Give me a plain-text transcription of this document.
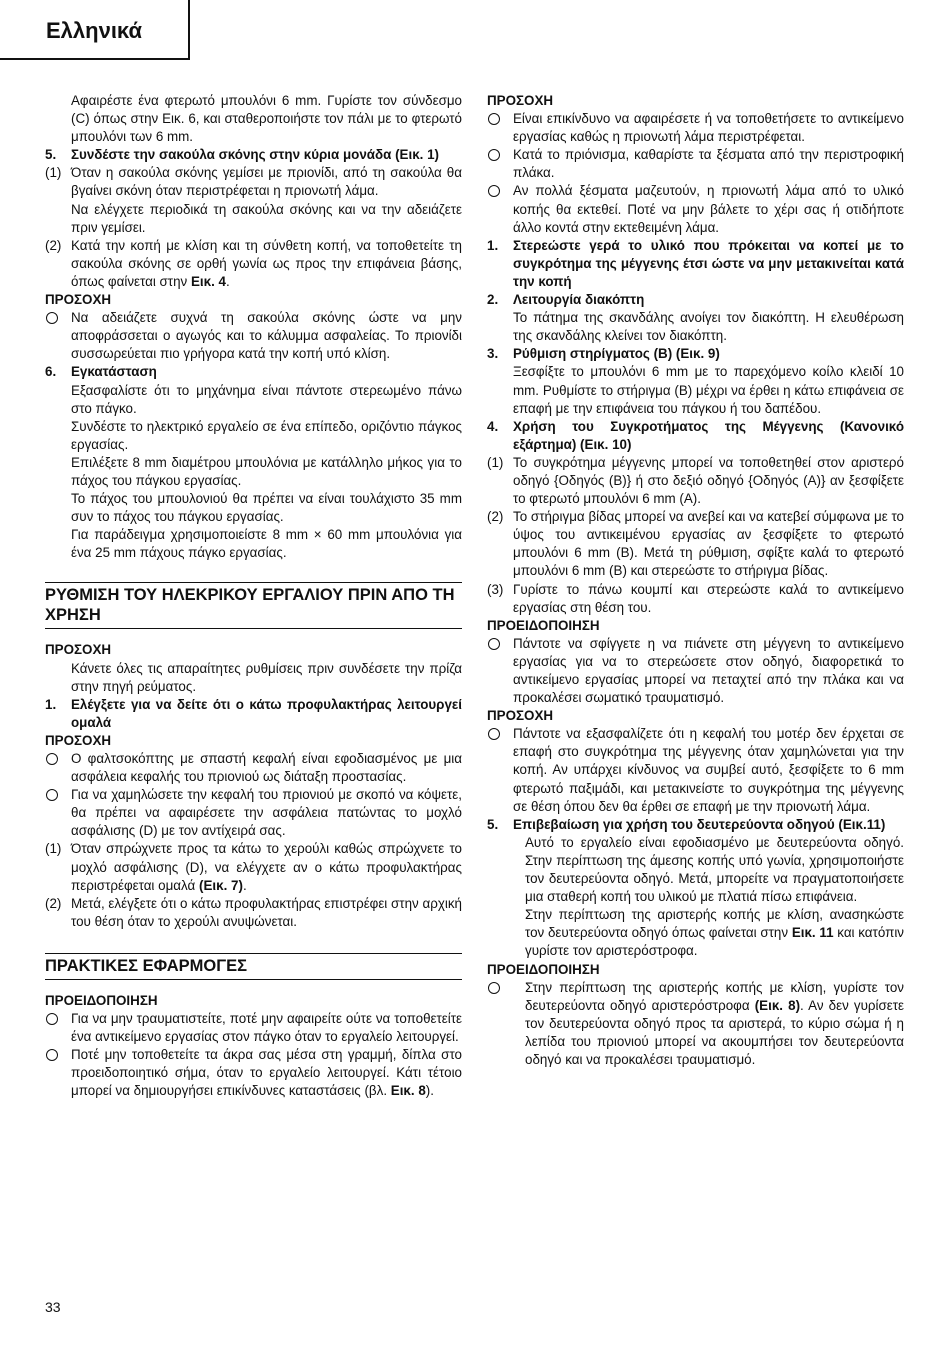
Ελληνικά

Αφαιρέστε ένα φτερωτό μπουλόνι 6 mm. Γυρίστε τον σύνδεσμο (C) όπως στην Εικ. 6, και σταθεροποιήστε τον πάλι με το φτερωτό μπουλόνι των 6 mm.

5. Συνδέστε την σακούλα σκόνης στην κύρια μονάδα (Εικ. 1)
(1) Όταν η σακούλα σκόνης γεμίσει με πριονίδι, από τη σακούλα θα βγαίνει σκόνη όταν περιστρέφεται η πριονωτή λάμα.
Να ελέγχετε περιοδικά τη σακούλα σκόνης και να την αδειάζετε πριν γεμίσει.
(2) Κατά την κοπή με κλίση και τη σύνθετη κοπή, να τοποθετείτε τη σακούλα σκόνης σε ορθή γωνία ως προς την επιφάνεια βάσης, όπως φαίνεται στην Εικ. 4.

ΠΡΟΣΟΧΗ

Να αδειάζετε συχνά τη σακούλα σκόνης ώστε να μην αποφράσσεται ο αγωγός και το κάλυμμα ασφαλείας. Το πριονίδι συσσωρεύεται πιο γρήγορα κατά την κοπή υπό κλίση.
6. Εγκατάσταση

Εξασφαλίστε ότι το μηχάνημα είναι πάντοτε στερεωμένο πάνω στο πάγκο.

Συνδέστε το ηλεκτρικό εργαλείο σε ένα επίπεδο, οριζόντιο πάγκος εργασίας.

Επιλέξετε 8 mm διαμέτρου μπουλόνια με κατάλληλο μήκος για το πάχος του πάγκου εργασίας.

Το πάχος του μπουλονιού θα πρέπει να είναι τουλάχιστο 35 mm συν το πάχος του πάγκου εργασίας.

Για παράδειγμα χρησιμοποιείστε 8 mm × 60 mm μπουλόνια για ένα 25 mm πάχους πάγκο εργασίας.

ΡΥΘΜΙΣΗ ΤΟΥ ΗΛΕΚΡΙΚΟΥ ΕΡΓΑΛΙΟΥ ΠΡΙΝ ΑΠΟ ΤΗ ΧΡΗΣΗ

ΠΡΟΣΟΧΗ

Κάνετε όλες τις απαραίτητες ρυθμίσεις πριν συνδέσετε την πρίζα στην πηγή ρεύματος.

1. Ελέγξετε για να δείτε ότι ο κάτω προφυλακτήρας λειτουργεί ομαλά

ΠΡΟΣΟΧΗ

Ο φαλτσοκόπτης με σπαστή κεφαλή είναι εφοδιασμένος με μια ασφάλεια κεφαλής του πριονιού ως διάταξη προστασίας.
Για να χαμηλώσετε την κεφαλή του πριονιού με σκοπό να κόψετε, θα πρέπει να αφαιρέσετε την ασφάλεια πατώντας το μοχλό ασφάλισης (D) με τον αντίχειρά σας.
(1) Όταν σπρώχνετε προς τα κάτω το χερούλι καθώς σπρώχνετε το μοχλό ασφάλισης (D), να ελέγχετε αν ο κάτω προφυλακτήρας περιστρέφεται ομαλά (Εικ. 7).
(2) Μετά, ελέγξετε ότι ο κάτω προφυλακτήρας επιστρέφει στην αρχική του θέση όταν το χερούλι ανυψώνεται.
ΠΡΑΚΤΙΚΕΣ ΕΦΑΡΜΟΓΕΣ

ΠΡΟΕΙΔΟΠΟΙΗΣΗ

Για να μην τραυματιστείτε, ποτέ μην αφαιρείτε ούτε να τοποθετείτε ένα αντικείμενο εργασίας στον πάγκο όταν το εργαλείο λειτουργεί.
Ποτέ μην τοποθετείτε τα άκρα σας μέσα στη γραμμή, δίπλα στο προειδοποιητικό σήμα, όταν το εργαλείο λειτουργεί. Κάτι τέτοιο μπορεί να δημιουργήσει επικίνδυνες καταστάσεις (βλ. Εικ. 8).

ΠΡΟΣΟΧΗ

Είναι επικίνδυνο να αφαιρέσετε ή να τοποθετήσετε το αντικείμενο εργασίας καθώς η πριονωτή λάμα περιστρέφεται.
Κατά το πριόνισμα, καθαρίστε τα ξέσματα από την περιστροφική πλάκα.
Αν πολλά ξέσματα μαζευτούν, η πριονωτή λάμα από το υλικό κοπής θα εκτεθεί. Ποτέ να μην βάλετε το χέρι σας ή οτιδήποτε άλλο κοντά στην εκτεθειμένη λάμα.
1. Στερεώστε γερά το υλικό που πρόκειται να κοπεί με το συγκρότημα της μέγγενης έτσι ώστε να μην μετακινείται κατά την κοπή
2. Λειτουργία διακόπτη

Το πάτημα της σκανδάλης ανοίγει τον διακόπτη. Η ελευθέρωση της σκανδάλης κλείνει τον διακόπτη.

3. Ρύθμιση στηρίγματος (B) (Εικ. 9)

Ξεσφίξτε το μπουλόνι 6 mm με το παρεχόμενο κοίλο κλειδί 10 mm. Ρυθμίστε το στήριγμα (B) μέχρι να έρθει η κάτω επιφάνεια σε επαφή με την επιφάνεια του πάγκου ή του δαπέδου.

4. Χρήση του Συγκροτήματος της Μέγγενης (Κανονικό εξάρτημα) (Εικ. 10)
(1) Το συγκρότημα μέγγενης μπορεί να τοποθετηθεί στον αριστερό οδηγό {Οδηγός (B)} ή στο δεξιό οδηγό {Οδηγός (A)} αν ξεσφίξετε το φτερωτό μπουλόνι 6 mm (A).
(2) Το στήριγμα βίδας μπορεί να ανεβεί και να κατεβεί σύμφωνα με το ύψος του αντικειμένου εργασίας αν ξεσφίξετε το φτερωτό μπουλόνι 6 mm (B). Μετά τη ρύθμιση, σφίξτε καλά το φτερωτό μπουλόνι 6 mm (B) και στερεώστε το στήριγμα βίδας.
(3) Γυρίστε το πάνω κουμπί και στερεώστε καλά το αντικείμενο εργασίας στη θέση του.

ΠΡΟΕΙΔΟΠΟΙΗΣΗ

Πάντοτε να σφίγγετε η να πιάνετε στη μέγγενη το αντικείμενο εργασίας για να το στερεώσετε στον οδηγό, διαφορετικά το αντικείμενο εργασίας μπορεί να πεταχτεί από την πλάκα και να προκαλέσει σωματικό τραυματισμό.

ΠΡΟΣΟΧΗ

Πάντοτε να εξασφαλίζετε ότι η κεφαλή του μοτέρ δεν έρχεται σε επαφή στο συγκρότημα της μέγγενης όταν χαμηλώνεται για την κοπή. Αν υπάρχει κίνδυνος να συμβεί αυτό, ξεσφίξετε το 6 mm φτερωτό παξιμάδι, και μετακινείστε το συγκρότημα της μέγγενης σε θέση όπου δεν θα έρθει σε επαφή με την πριονωτή λάμα.
5. Επιβεβαίωση για χρήση του δευτερεύοντα οδηγού (Εικ.11)

Αυτό το εργαλείο είναι εφοδιασμένο με δευτερεύοντα οδηγό. Στην περίπτωση της άμεσης κοπής υπό γωνία, χρησιμοποιήστε τον δευτερεύοντα οδηγό. Μετά, μπορείτε να πραγματοποιήσετε μια σταθερή κοπή του υλικού με πλατιά πίσω επιφάνεια.

Στην περίπτωση της αριστερής κοπής με κλίση, ανασηκώστε τον δευτερεύοντα οδηγό όπως φαίνεται στην Εικ. 11 και κατόπιν γυρίστε τον αριστερόστροφα.

ΠΡΟΕΙΔΟΠΟΙΗΣΗ

Στην περίπτωση της αριστερής κοπής με κλίση, γυρίστε τον δευτερεύοντα οδηγό αριστερόστροφα (Εικ. 8). Αν δεν γυρίσετε τον δευτερεύοντα οδηγό προς τα αριστερά, το κύριο σώμα ή η λεπίδα του πριονιού μπορεί να ακουμπήσει τον δευτερεύοντα οδηγό και να προκαλέσει τραυματισμό.
33
